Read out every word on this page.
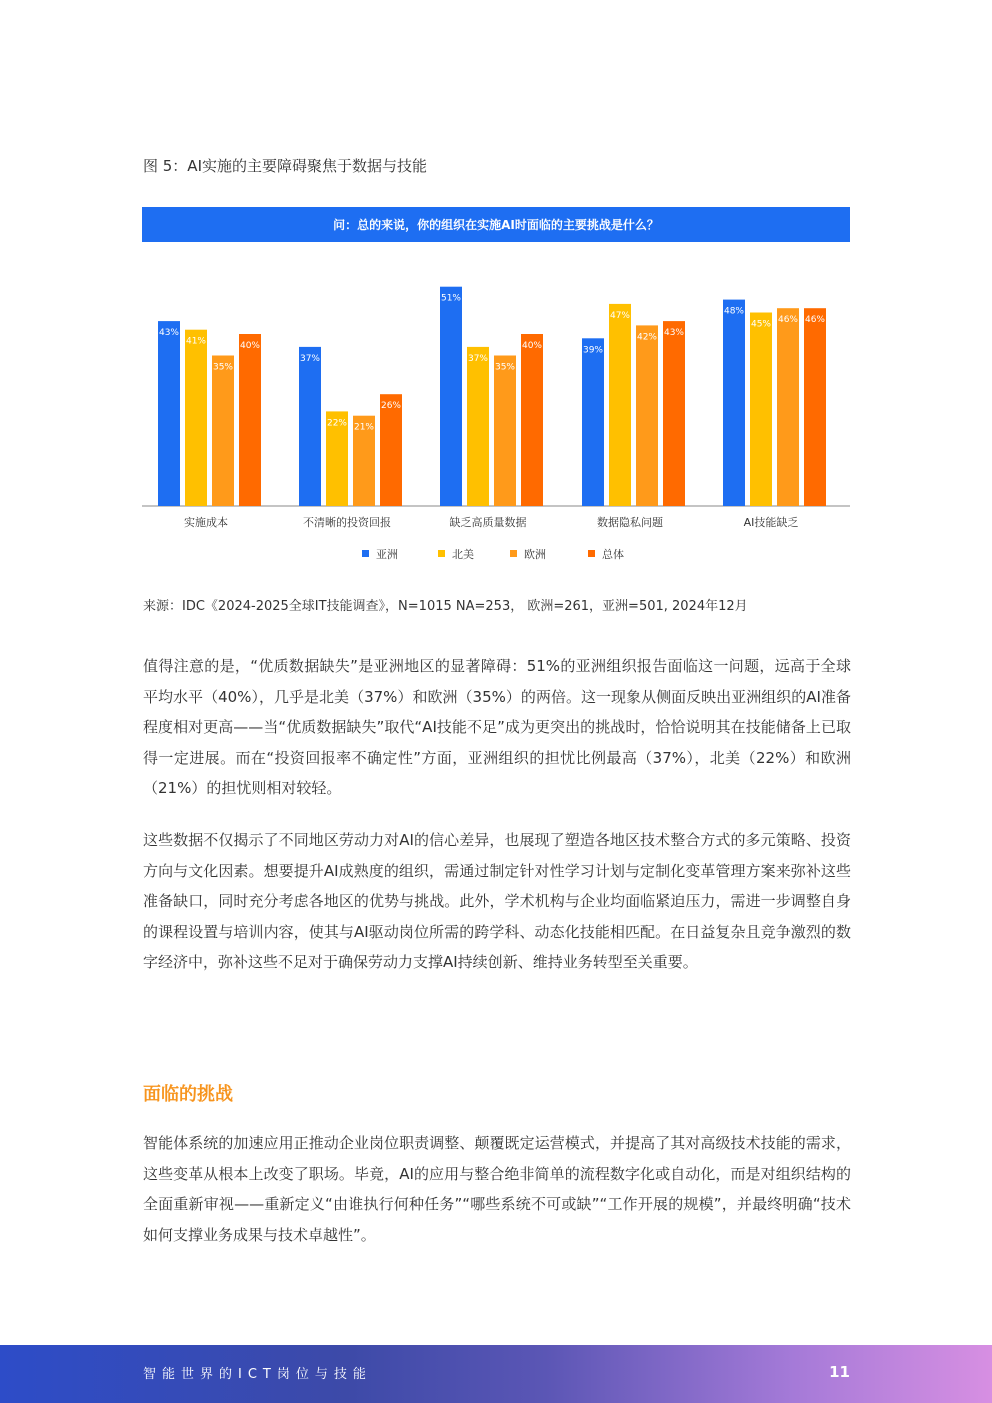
图 5：AI实施的主要障碍聚焦于数据与技能
问：总的来说，你的组织在实施AI时面临的主要挑战是什么？
43%
41%
35%
40%
实施成本
37%
22% 21%
26%
不清晰的投资回报
51%
37%
35%
40%
缺乏高质量数据
39%
47%
42% 43%
数据隐私问题
48%
45% 46% 46%
AI技能缺乏
亚洲	北美	欧洲	总体
来源：IDC《2024-2025全球IT技能调查》，N=1015 NA=253， 欧洲=261，亚洲=501, 2024年12月

值得注意的是，“优质数据缺失”是亚洲地区的显著障碍：51%的亚洲组织报告面临这一问题，远高于全球平均水平（40%），几乎是北美（37%）和欧洲（35%）的两倍。这一现象从侧面反映出亚洲组织的AI准备程度相对更高——当“优质数据缺失”取代“AI技能不足”成为更突出的挑战时，恰恰说明其在技能储备上已取得一定进展。而在“投资回报率不确定性”方面，亚洲组织的担忧比例最高（37%），北美（22%）和欧洲（21%）的担忧则相对较轻。

这些数据不仅揭示了不同地区劳动力对AI的信心差异，也展现了塑造各地区技术整合方式的多元策略、投资方向与文化因素。想要提升AI成熟度的组织，需通过制定针对性学习计划与定制化变革管理方案来弥补这些准备缺口，同时充分考虑各地区的优势与挑战。此外，学术机构与企业均面临紧迫压力，需进一步调整自身的课程设置与培训内容，使其与AI驱动岗位所需的跨学科、动态化技能相匹配。在日益复杂且竞争激烈的数字经济中，弥补这些不足对于确保劳动力支撑AI持续创新、维持业务转型至关重要。

面临的挑战

智能体系统的加速应用正推动企业岗位职责调整、颠覆既定运营模式，并提高了其对高级技术技能的需求，这些变革从根本上改变了职场。毕竟，AI的应用与整合绝非简单的流程数字化或自动化，而是对组织结构的全面重新审视——重新定义“由谁执行何种任务”“哪些系统不可或缺”“工作开展的规模”，并最终明确“技术如何支撑业务成果与技术卓越性”。

智能世界的ICT岗位与技能	11
